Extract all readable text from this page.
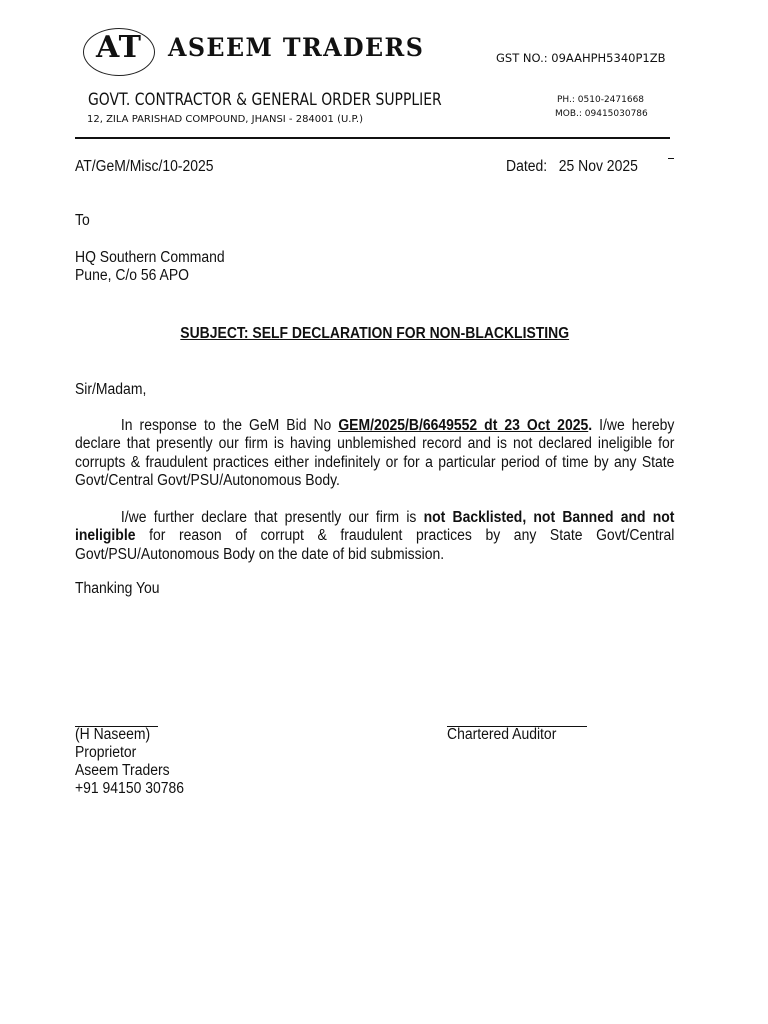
AT	ASEEM TRADERS	GST NO.: 09AAHPH5340P1ZB
GOVT. CONTRACTOR & GENERAL ORDER SUPPLIER
12, ZILA PARISHAD COMPOUND, JHANSI - 284001 (U.P.)
PH.: 0510-2471668
MOB.: 09415030786
AT/GeM/Misc/10-2025	Dated: 25 Nov 2025
To
HQ Southern Command
Pune, C/o 56 APO
SUBJECT: SELF DECLARATION FOR NON-BLACKLISTING
Sir/Madam,
In response to the GeM Bid No GEM/2025/B/6649552 dt 23 Oct 2025. I/we hereby declare that presently our firm is having unblemished record and is not declared ineligible for corrupts & fraudulent practices either indefinitely or for a particular period of time by any State Govt/Central Govt/PSU/Autonomous Body.
I/we further declare that presently our firm is not Backlisted, not Banned and not ineligible for reason of corrupt & fraudulent practices by any State Govt/Central Govt/PSU/Autonomous Body on the date of bid submission.
Thanking You
(H Naseem)
Proprietor
Aseem Traders
+91 94150 30786
Chartered Auditor
